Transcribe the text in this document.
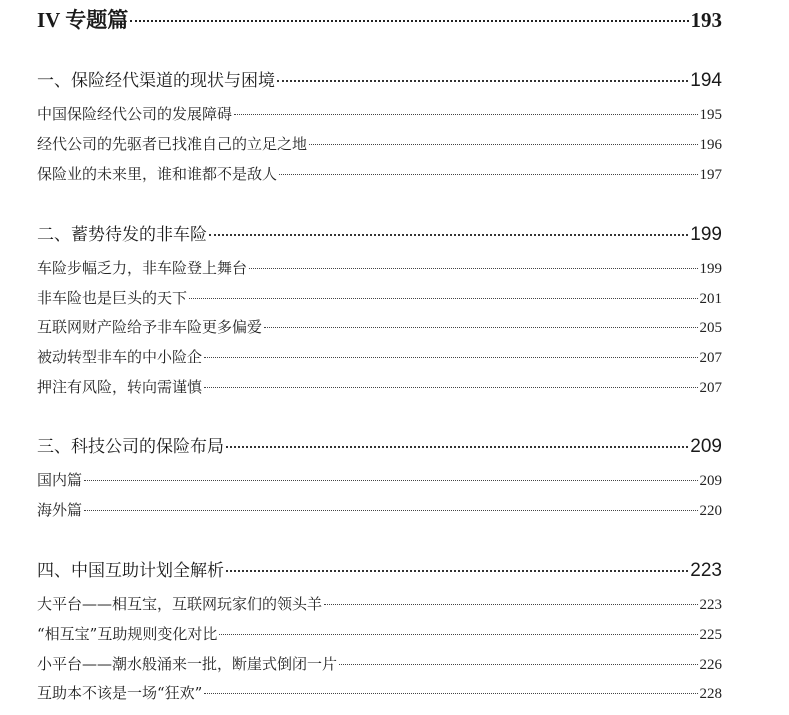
IV 专题篇	193
一、保险经代渠道的现状与困境	194
中国保险经代公司的发展障碍	195
经代公司的先驱者已找准自己的立足之地	196
保险业的未来里，谁和谁都不是敌人	197
二、蓄势待发的非车险	199
车险步幅乏力，非车险登上舞台	199
非车险也是巨头的天下	201
互联网财产险给予非车险更多偏爱	205
被动转型非车的中小险企	207
押注有风险，转向需谨慎	207
三、科技公司的保险布局	209
国内篇	209
海外篇	220
四、中国互助计划全解析	223
大平台——相互宝，互联网玩家们的领头羊	223
“相互宝”互助规则变化对比	225
小平台——潮水般涌来一批，断崖式倒闭一片	226
互助本不该是一场“狂欢”	228
